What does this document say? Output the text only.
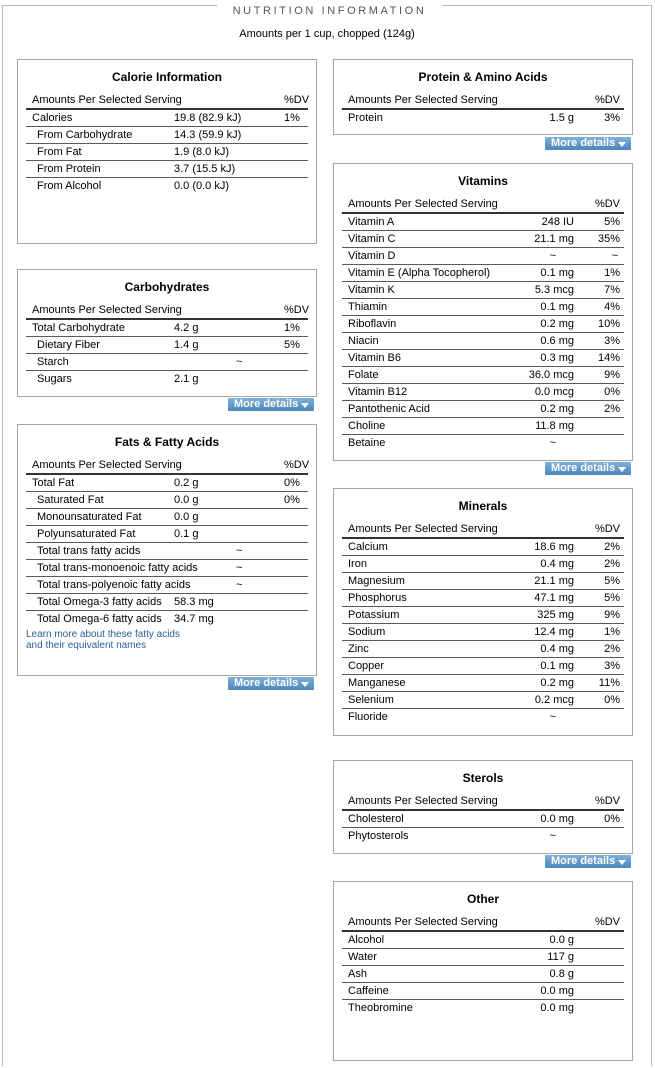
NUTRITION INFORMATION
Amounts per 1 cup, chopped (124g)
Calorie Information
Amounts Per Selected Serving	%DV
Calories	19.8 (82.9 kJ)	1%
From Carbohydrate	14.3 (59.9 kJ)
From Fat	1.9 (8.0 kJ)
From Protein	3.7 (15.5 kJ)
From Alcohol	0.0 (0.0 kJ)
Carbohydrates
Amounts Per Selected Serving	%DV
Total Carbohydrate	4.2 g	1%
Dietary Fiber	1.4 g	5%
Starch	~
Sugars	2.1 g
More details
Fats & Fatty Acids
Amounts Per Selected Serving	%DV
Total Fat	0.2 g	0%
Saturated Fat	0.0 g	0%
Monounsaturated Fat	0.0 g
Polyunsaturated Fat	0.1 g
Total trans fatty acids	~
Total trans-monoenoic fatty acids	~
Total trans-polyenoic fatty acids	~
Total Omega-3 fatty acids 58.3 mg
Total Omega-6 fatty acids 34.7 mg
Learn more about these fatty acids
and their equivalent names
More details
Protein & Amino Acids
Amounts Per Selected Serving	%DV
Protein	1.5 g	3%
More details
Vitamins
Amounts Per Selected Serving	%DV
Vitamin A	248 IU	5%
Vitamin C	21.1 mg 35%
Vitamin D	~	~
Vitamin E (Alpha Tocopherol)	0.1 mg	1%
Vitamin K	5.3 mcg	7%
Thiamin	0.1 mg	4%
Riboflavin	0.2 mg 10%
Niacin	0.6 mg	3%
Vitamin B6	0.3 mg 14%
Folate	36.0 mcg	9%
Vitamin B12	0.0 mcg	0%
Pantothenic Acid	0.2 mg	2%
Choline	11.8 mg
Betaine	~
More details
Minerals
Amounts Per Selected Serving	%DV
Calcium	18.6 mg	2%
Iron	0.4 mg	2%
Magnesium	21.1 mg	5%
Phosphorus	47.1 mg	5%
Potassium	325 mg	9%
Sodium	12.4 mg	1%
Zinc	0.4 mg	2%
Copper	0.1 mg	3%
Manganese	0.2 mg 11%
Selenium	0.2 mcg	0%
Fluoride	~
Sterols
Amounts Per Selected Serving	%DV
Cholesterol	0.0 mg	0%
Phytosterols	~
More details
Other
Amounts Per Selected Serving	%DV
Alcohol	0.0 g
Water	117 g
Ash	0.8 g
Caffeine	0.0 mg
Theobromine	0.0 mg
